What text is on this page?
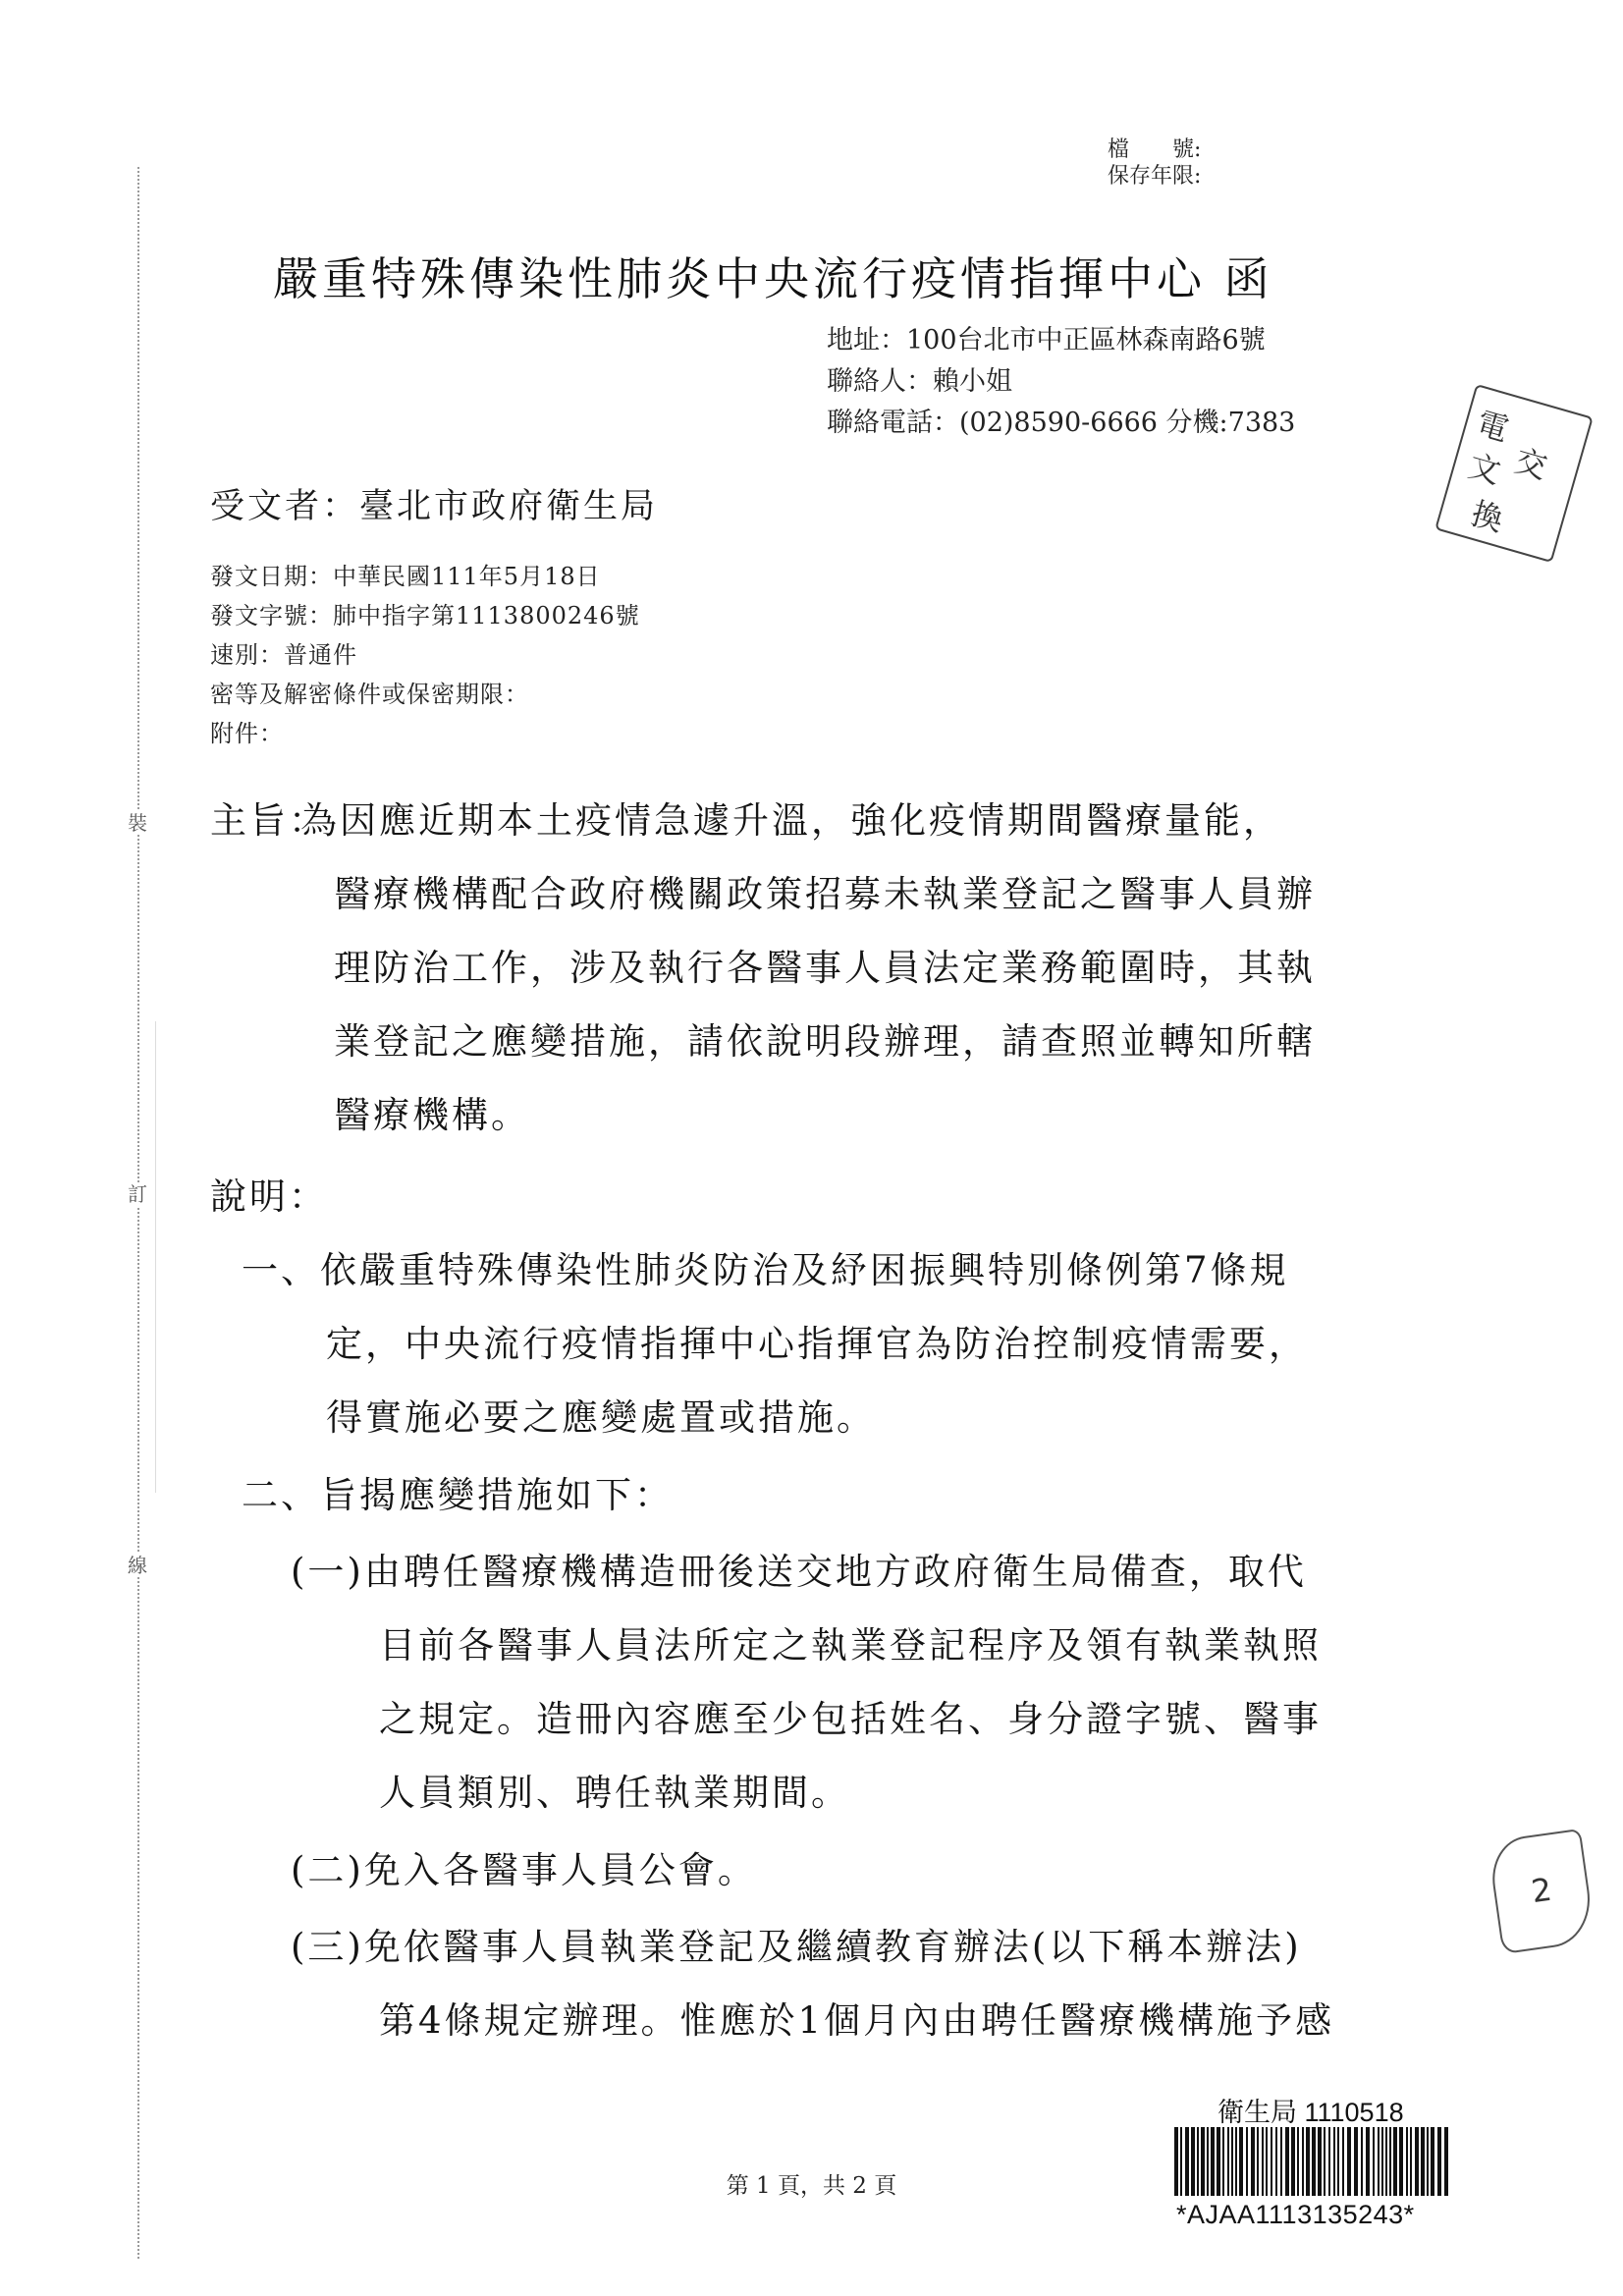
裝
訂
線
檔　　號:
保存年限:
嚴重特殊傳染性肺炎中央流行疫情指揮中心 函
地址：100台北市中正區林森南路6號
聯絡人：賴小姐
聯絡電話：(02)8590-6666 分機:7383	電
交
文
換
受文者：臺北市政府衛生局
發文日期：中華民國111年5月18日
發文字號：肺中指字第1113800246號
速別：普通件
密等及解密條件或保密期限：
附件：
主旨：
為因應近期本土疫情急遽升溫，強化疫情期間醫療量能，
醫療機構配合政府機關政策招募未執業登記之醫事人員辦
理防治工作，涉及執行各醫事人員法定業務範圍時，其執
業登記之應變措施，請依說明段辦理，請查照並轉知所轄
醫療機構。
說明：
一、依嚴重特殊傳染性肺炎防治及紓困振興特別條例第7條規
定，中央流行疫情指揮中心指揮官為防治控制疫情需要，
得實施必要之應變處置或措施。
二、旨揭應變措施如下：
(一)由聘任醫療機構造冊後送交地方政府衛生局備查，取代
目前各醫事人員法所定之執業登記程序及領有執業執照
之規定。造冊內容應至少包括姓名、身分證字號、醫事
人員類別、聘任執業期間。
(二)免入各醫事人員公會。
(三)免依醫事人員執業登記及繼續教育辦法(以下稱本辦法)
第4條規定辦理。惟應於1個月內由聘任醫療機構施予感
2
第 1 頁，共 2 頁
衛生局 1110518
*AJAA1113135243*
